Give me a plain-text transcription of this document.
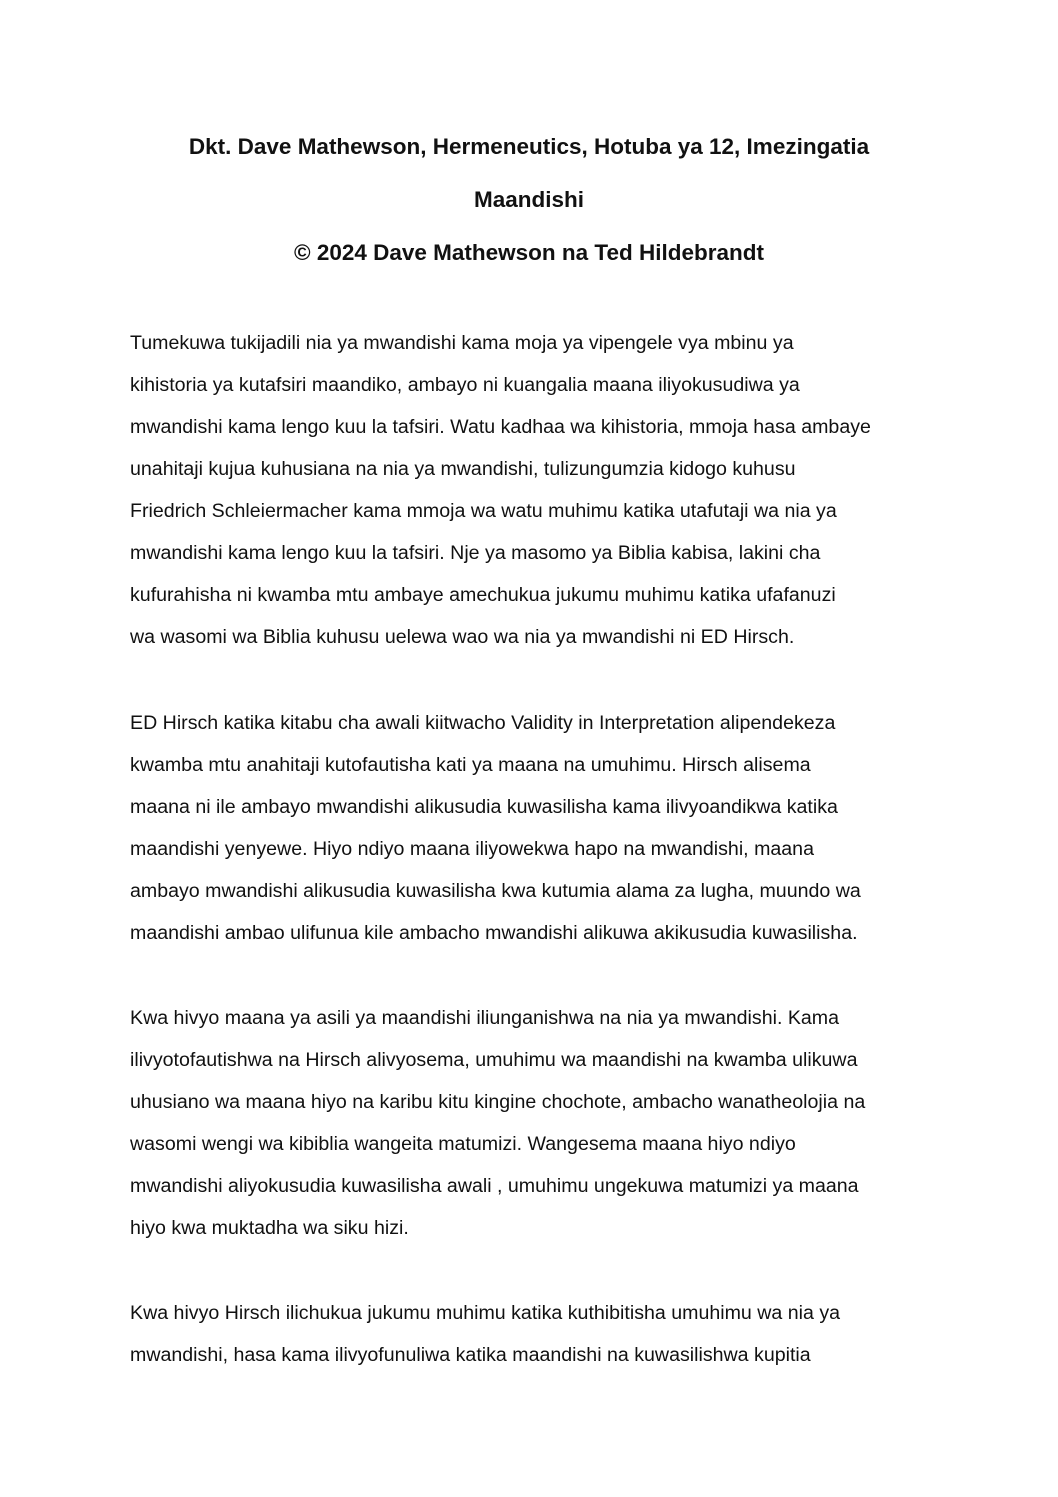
Dkt. Dave Mathewson, Hermeneutics, Hotuba ya 12, Imezingatia
Maandishi

© 2024 Dave Mathewson na Ted Hildebrandt

Tumekuwa tukijadili nia ya mwandishi kama moja ya vipengele vya mbinu ya
kihistoria ya kutafsiri maandiko, ambayo ni kuangalia maana iliyokusudiwa ya
mwandishi kama lengo kuu la tafsiri. Watu kadhaa wa kihistoria, mmoja hasa ambaye
unahitaji kujua kuhusiana na nia ya mwandishi, tulizungumzia kidogo kuhusu
Friedrich Schleiermacher kama mmoja wa watu muhimu katika utafutaji wa nia ya
mwandishi kama lengo kuu la tafsiri. Nje ya masomo ya Biblia kabisa, lakini cha
kufurahisha ni kwamba mtu ambaye amechukua jukumu muhimu katika ufafanuzi
wa wasomi wa Biblia kuhusu uelewa wao wa nia ya mwandishi ni ED Hirsch.

ED Hirsch katika kitabu cha awali kiitwacho Validity in Interpretation alipendekeza
kwamba mtu anahitaji kutofautisha kati ya maana na umuhimu. Hirsch alisema
maana ni ile ambayo mwandishi alikusudia kuwasilisha kama ilivyoandikwa katika
maandishi yenyewe. Hiyo ndiyo maana iliyowekwa hapo na mwandishi, maana
ambayo mwandishi alikusudia kuwasilisha kwa kutumia alama za lugha, muundo wa
maandishi ambao ulifunua kile ambacho mwandishi alikuwa akikusudia kuwasilisha.

Kwa hivyo maana ya asili ya maandishi iliunganishwa na nia ya mwandishi. Kama
ilivyotofautishwa na Hirsch alivyosema, umuhimu wa maandishi na kwamba ulikuwa
uhusiano wa maana hiyo na karibu kitu kingine chochote, ambacho wanatheolojia na
wasomi wengi wa kibiblia wangeita matumizi. Wangesema maana hiyo ndiyo
mwandishi aliyokusudia kuwasilisha awali , umuhimu ungekuwa matumizi ya maana
hiyo kwa muktadha wa siku hizi.

Kwa hivyo Hirsch ilichukua jukumu muhimu katika kuthibitisha umuhimu wa nia ya
mwandishi, hasa kama ilivyofunuliwa katika maandishi na kuwasilishwa kupitia
